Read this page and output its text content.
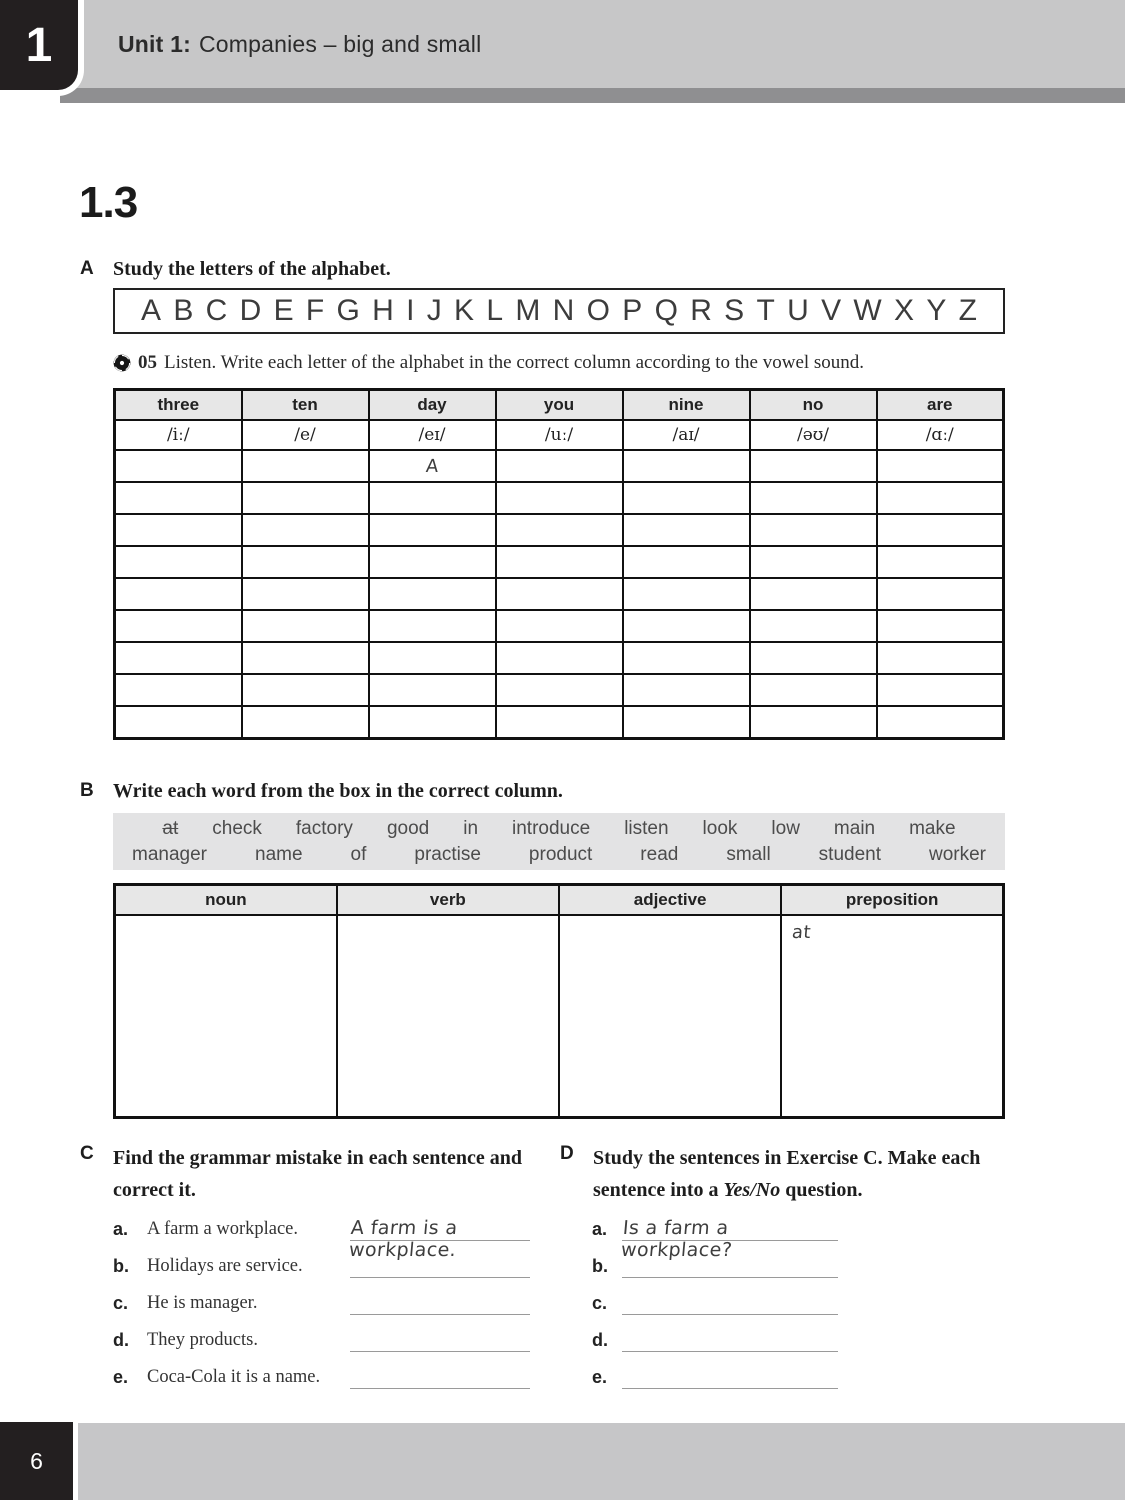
1	Unit 1: Companies – big and small
1.3
A Study the letters of the alphabet.
A B C D E F G H I J K L M N O P Q R S T U V W X Y Z
05 Listen. Write each letter of the alphabet in the correct column according to the vowel sound.
three	ten	day	you	nine	no	are
/iː/	/e/	/eɪ/	/uː/	/aɪ/	/əʊ/	/ɑː/
		A				

B Write each word from the box in the correct column.
at check factory good in introduce listen look low main make
manager	name	of	practise	product	read	small	student	worker
noun	verb	adjective	preposition
			at
C Find the grammar mistake in each sentence and correct it.
a.	A farm a workplace.	A farm is a workplace.
b. Holidays are service.
c.	He is manager.
d. They products.
e.	Coca-Cola it is a name.
D Study the sentences in Exercise C. Make each sentence into a Yes/No question.
a. Is a farm a workplace?
b.
c.
d.
e.
6
